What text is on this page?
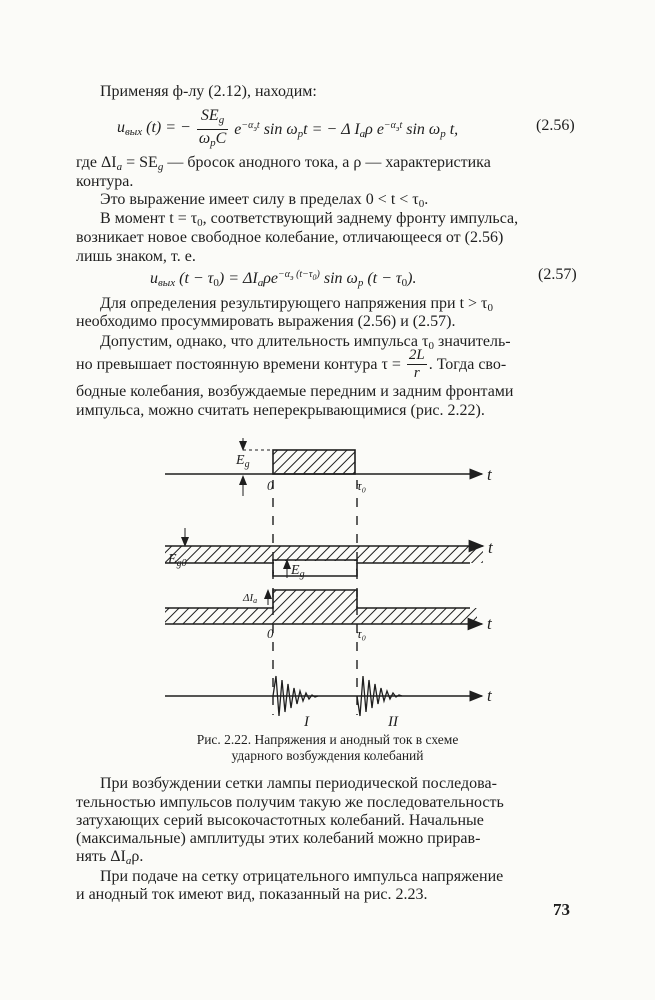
Применяя ф-лу (2.12), находим:
$u_{вых}$ (t) = − $\frac{SE_g}{\omega_pC} e^{-\alpha_эt}$ $\sin \omega_pt$ = − Δ $I_a\rho$ $e^{-\alpha_эt}$ $\sin \omega_p$ t,	(2.56)
где $\Delta I_a = SE_g$ — бросок анодного тока, а ρ — характеристика
контура.
Это выражение имеет силу в пределах $0 < t < \tau_0$.
В момент $t = \tau_0$, соответствующий заднему фронту импульса,
возникает новое свободное колебание, отличающееся от (2.56)
лишь знаком, т. е.
$u_{вых}$ $(t - \tau_0) = \Delta I_a\rho e^{-\alpha_э (t-\tau_0)}$ $\sin \omega_p$ $(t - \tau_0)$.	(2.57)
Для определения результирующего напряжения при $t > \tau_0$
необходимо просуммировать выражения (2.56) и (2.57).
Допустим, однако, что длительность импульса $\tau_0$ значитель-
но превышает постоянную времени контура $\tau = \frac{2L}{r}$ . Тогда сво-
бодные колебания, возбуждаемые передним и задним фронтами
импульса, можно считать неперекрывающимися (рис. 2.22).
$E_g$
0	τ₀
t
$E_{g0}$	$E_g$
t
ΔIa
0	τ₀
t
I	II
t
Рис. 2.22. Напряжения и анодный ток в схеме
ударного возбуждения колебаний
При возбуждении сетки лампы периодической последова-
тельностью импульсов получим такую же последовательность
затухающих серий высокочастотных колебаний. Начальные
(максимальные) амплитуды этих колебаний можно прирав-
нять $\Delta I_a\rho$.
При подаче на сетку отрицательного импульса напряжение
и анодный ток имеют вид, показанный на рис. 2.23.
73
